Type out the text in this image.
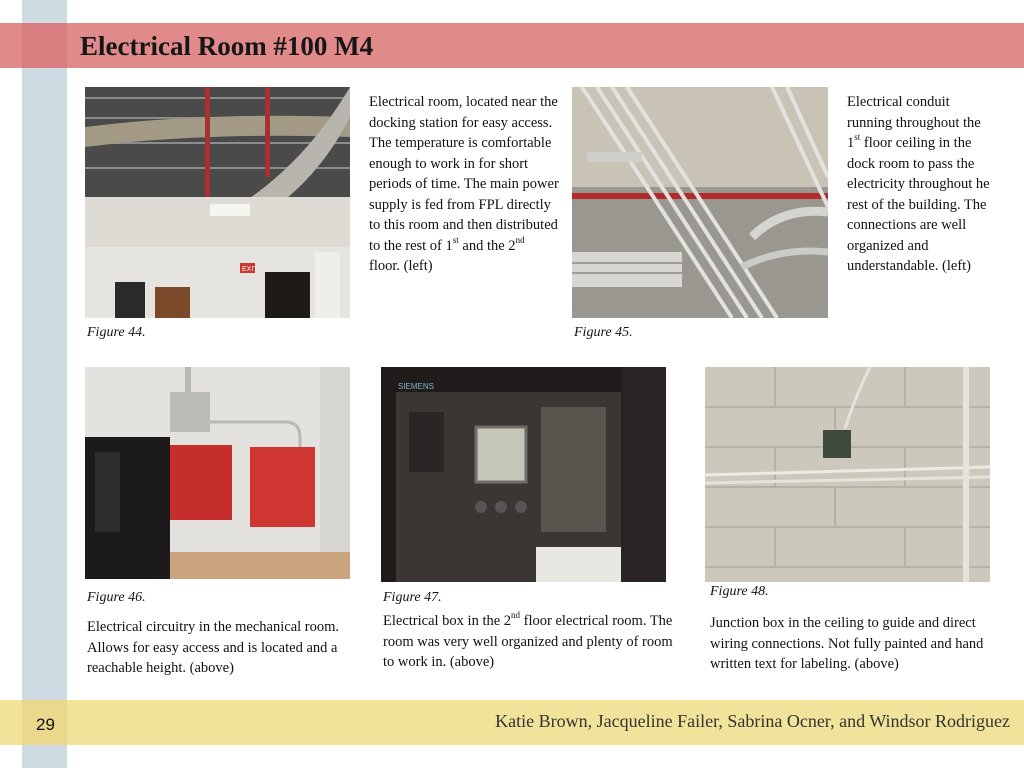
Electrical Room #100 M4
EXIT
Figure 44.
Electrical room, located near the docking station for easy access. The temperature is comfortable enough to work in for short periods of time. The main power supply is fed from FPL directly to this room and then distributed to the rest of 1st and the 2nd floor. (left)
Figure 45.
Electrical conduit running throughout the 1st floor ceiling in the dock room to pass the electricity throughout he rest of the building. The connections are well organized and understandable. (left)
Figure 46.
Electrical circuitry in the mechanical room. Allows for easy access and is located and a reachable height. (above)
SIEMENS
Figure 47.
Electrical box in the 2nd floor electrical room. The room was very well organized and plenty of room to work in. (above)
Figure 48.
Junction box in the ceiling to guide and direct wiring connections. Not fully painted and hand written text for labeling. (above)
29	Katie Brown, Jacqueline Failer, Sabrina Ocner, and Windsor Rodriguez
